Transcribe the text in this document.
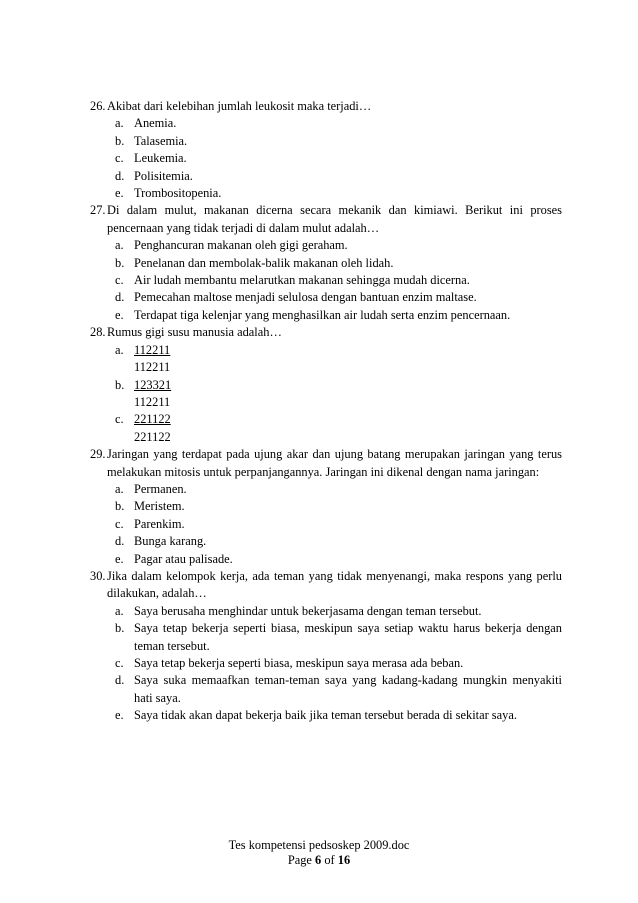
26. Akibat dari kelebihan jumlah leukosit maka terjadi…
a. Anemia.
b. Talasemia.
c. Leukemia.
d. Polisitemia.
e. Trombositopenia.
27. Di dalam mulut, makanan dicerna secara mekanik dan kimiawi. Berikut ini proses pencernaan yang tidak terjadi di dalam mulut adalah…
a. Penghancuran makanan oleh gigi geraham.
b. Penelanan dan membolak-balik makanan oleh lidah.
c. Air ludah membantu melarutkan makanan sehingga mudah dicerna.
d. Pemecahan maltose menjadi selulosa dengan bantuan enzim maltase.
e. Terdapat tiga kelenjar yang menghasilkan air ludah serta enzim pencernaan.
28. Rumus gigi susu manusia adalah…
a. 112211
112211
b. 123321
112211
c. 221122
221122
29. Jaringan yang terdapat pada ujung akar dan ujung batang merupakan jaringan yang terus melakukan mitosis untuk perpanjangannya. Jaringan ini dikenal dengan nama jaringan:
a. Permanen.
b. Meristem.
c. Parenkim.
d. Bunga karang.
e. Pagar atau palisade.
30. Jika dalam kelompok kerja, ada teman yang tidak menyenangi, maka respons yang perlu dilakukan, adalah…
a. Saya berusaha menghindar untuk bekerjasama dengan teman tersebut.
b. Saya tetap bekerja seperti biasa, meskipun saya setiap waktu harus bekerja dengan teman tersebut.
c. Saya tetap bekerja seperti biasa, meskipun saya merasa ada beban.
d. Saya suka memaafkan teman-teman saya yang kadang-kadang mungkin menyakiti hati saya.
e. Saya tidak akan dapat bekerja baik jika teman tersebut berada di sekitar saya.
Tes kompetensi pedsoskep 2009.doc
Page 6 of 16
